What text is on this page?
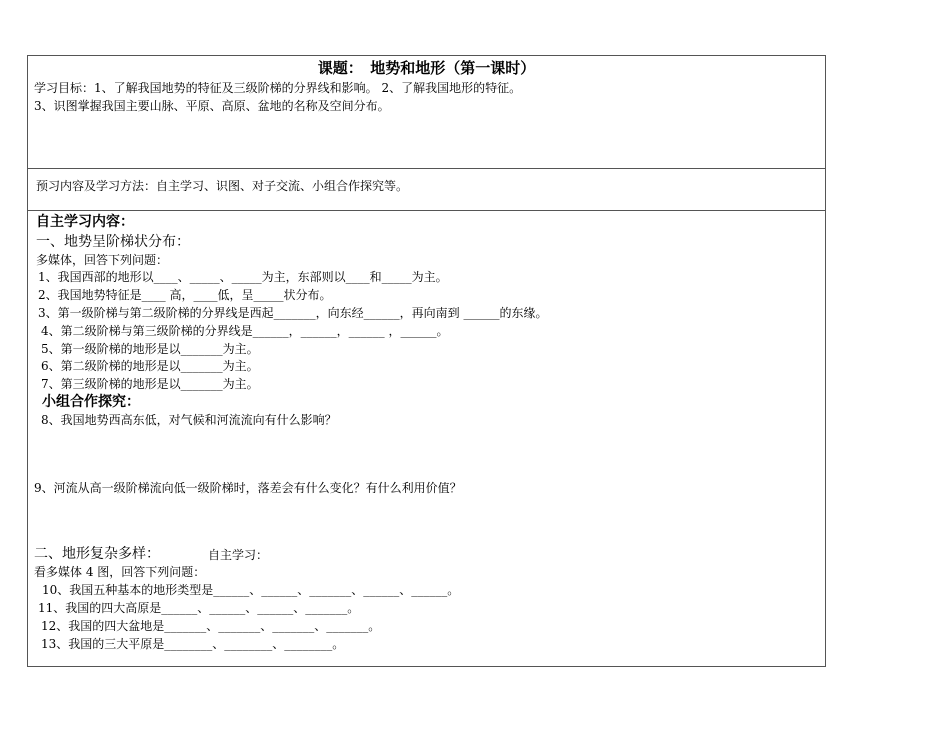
课题：　地势和地形（第一课时）
学习目标：1、了解我国地势的特征及三级阶梯的分界线和影响。 2、了解我国地形的特征。
3、识图掌握我国主要山脉、平原、高原、盆地的名称及空间分布。
预习内容及学习方法：自主学习、识图、对子交流、小组合作探究等。
自主学习内容：
一、地势呈阶梯状分布：
多媒体，回答下列问题：
1、我国西部的地形以____、_____、_____为主，东部则以____和_____为主。
2、我国地势特征是____ 高，____低，呈_____状分布。
3、第一级阶梯与第二级阶梯的分界线是西起_______，向东经______，再向南到 ______的东缘。
4、第二级阶梯与第三级阶梯的分界线是______，______，______ ，______。
5、第一级阶梯的地形是以_______为主。
6、第二级阶梯的地形是以_______为主。
7、第三级阶梯的地形是以_______为主。
小组合作探究：
8、我国地势西高东低，对气候和河流流向有什么影响？
9、河流从高一级阶梯流向低一级阶梯时，落差会有什么变化？有什么利用价值？
二、地形复杂多样：	自主学习：
看多媒体 4 图，回答下列问题：
10、我国五种基本的地形类型是______、______、_______、______、______。
11、我国的四大高原是______、______、______、_______。
12、我国的四大盆地是_______、_______、_______、_______。
13、我国的三大平原是________、________、________。
